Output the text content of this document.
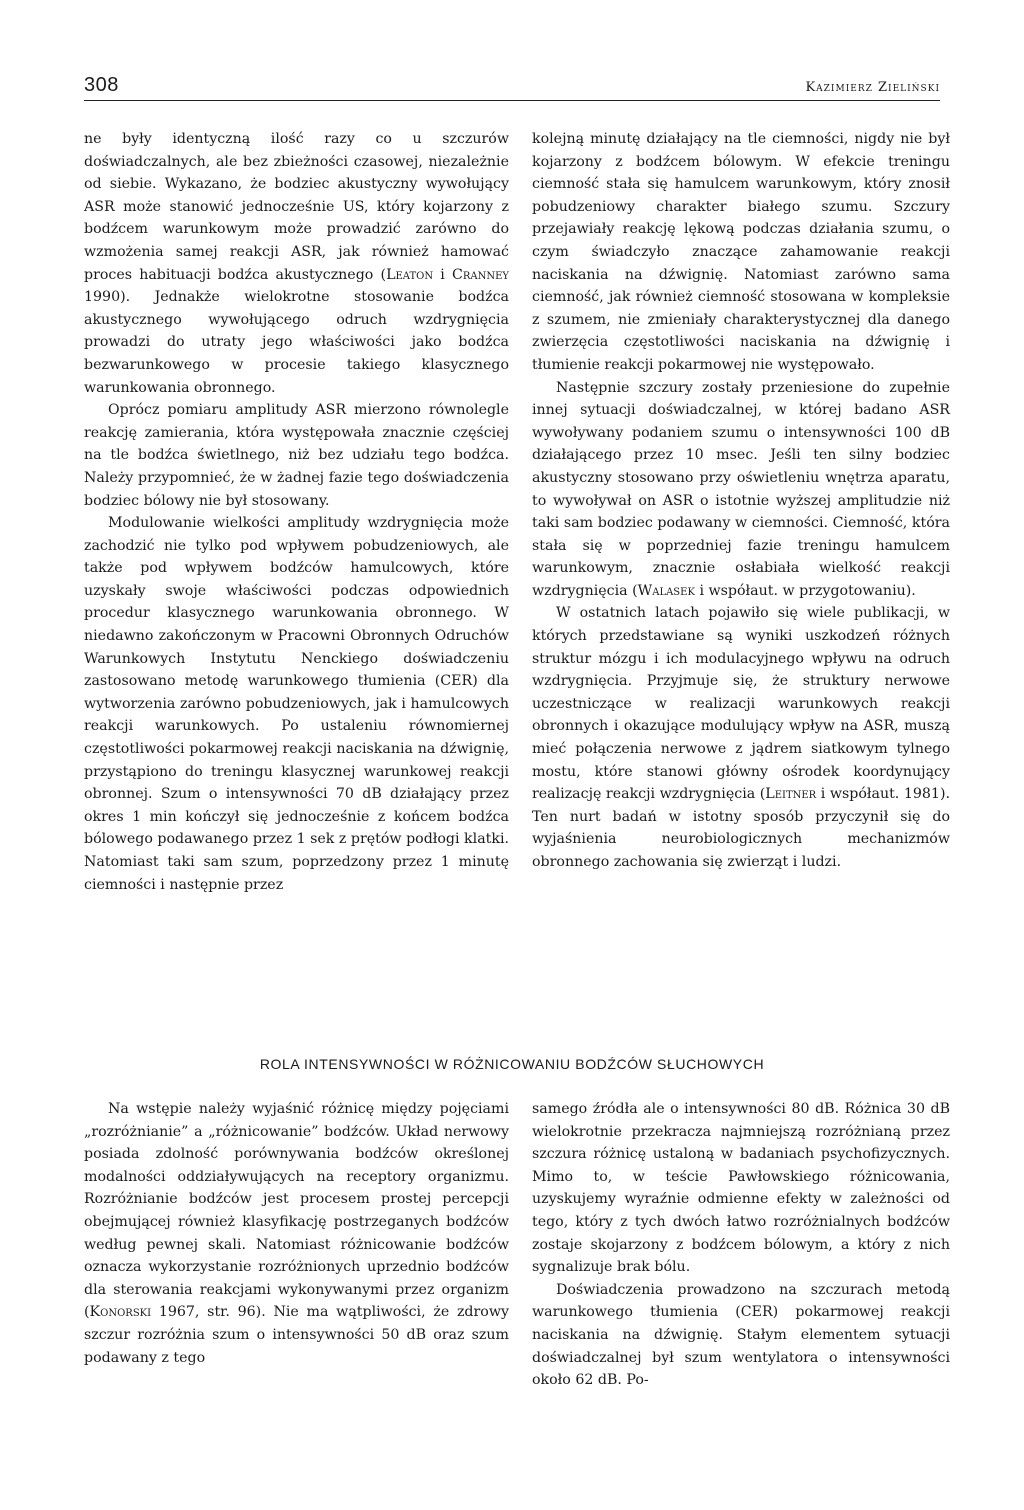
308	Kazimierz Zieliński

ne były identyczną ilość razy co u szczurów doświadczalnych, ale bez zbieżności czasowej, niezależnie od siebie. Wykazano, że bodziec akustyczny wywołujący ASR może stanowić jednocześnie US, który kojarzony z bodźcem warunkowym może prowadzić zarówno do wzmożenia samej reakcji ASR, jak również hamować proces habituacji bodźca akustycznego (Leaton i Cranney 1990). Jednakże wielokrotne stosowanie bodźca akustycznego wywołującego odruch wzdrygnięcia prowadzi do utraty jego właściwości jako bodźca bezwarunkowego w procesie takiego klasycznego warunkowania obronnego.

Oprócz pomiaru amplitudy ASR mierzono równolegle reakcję zamierania, która występowała znacznie częściej na tle bodźca świetlnego, niż bez udziału tego bodźca. Należy przypomnieć, że w żadnej fazie tego doświadczenia bodziec bólowy nie był stosowany.

Modulowanie wielkości amplitudy wzdrygnięcia może zachodzić nie tylko pod wpływem pobudzeniowych, ale także pod wpływem bodźców hamulcowych, które uzyskały swoje właściwości podczas odpowiednich procedur klasycznego warunkowania obronnego. W niedawno zakończonym w Pracowni Obronnych Odruchów Warunkowych Instytutu Nenckiego doświadczeniu zastosowano metodę warunkowego tłumienia (CER) dla wytworzenia zarówno pobudzeniowych, jak i hamulcowych reakcji warunkowych. Po ustaleniu równomiernej częstotliwości pokarmowej reakcji naciskania na dźwignię, przystąpiono do treningu klasycznej warunkowej reakcji obronnej. Szum o intensywności 70 dB działający przez okres 1 min kończył się jednocześnie z końcem bodźca bólowego podawanego przez 1 sek z prętów podłogi klatki. Natomiast taki sam szum, poprzedzony przez 1 minutę ciemności i następnie przez

kolejną minutę działający na tle ciemności, nigdy nie był kojarzony z bodźcem bólowym. W efekcie treningu ciemność stała się hamulcem warunkowym, który znosił pobudzeniowy charakter białego szumu. Szczury przejawiały reakcję lękową podczas działania szumu, o czym świadczyło znaczące zahamowanie reakcji naciskania na dźwignię. Natomiast zarówno sama ciemność, jak również ciemność stosowana w kompleksie z szumem, nie zmieniały charakterystycznej dla danego zwierzęcia częstotliwości naciskania na dźwignię i tłumienie reakcji pokarmowej nie występowało.

Następnie szczury zostały przeniesione do zupełnie innej sytuacji doświadczalnej, w której badano ASR wywoływany podaniem szumu o intensywności 100 dB działającego przez 10 msec. Jeśli ten silny bodziec akustyczny stosowano przy oświetleniu wnętrza aparatu, to wywoływał on ASR o istotnie wyższej amplitudzie niż taki sam bodziec podawany w ciemności. Ciemność, która stała się w poprzedniej fazie treningu hamulcem warunkowym, znacznie osłabiała wielkość reakcji wzdrygnięcia (Walasek i współaut. w przygotowaniu).

W ostatnich latach pojawiło się wiele publikacji, w których przedstawiane są wyniki uszkodzeń różnych struktur mózgu i ich modulacyjnego wpływu na odruch wzdrygnięcia. Przyjmuje się, że struktury nerwowe uczestniczące w realizacji warunkowych reakcji obronnych i okazujące modulujący wpływ na ASR, muszą mieć połączenia nerwowe z jądrem siatkowym tylnego mostu, które stanowi główny ośrodek koordynujący realizację reakcji wzdrygnięcia (Leitner i współaut. 1981). Ten nurt badań w istotny sposób przyczynił się do wyjaśnienia neurobiologicznych mechanizmów obronnego zachowania się zwierząt i ludzi.

ROLA INTENSYWNOŚCI W RÓŻNICOWANIU BODŹCÓW SŁUCHOWYCH

Na wstępie należy wyjaśnić różnicę między pojęciami „rozróżnianie” a „różnicowanie” bodźców. Układ nerwowy posiada zdolność porównywania bodźców określonej modalności oddziaływujących na receptory organizmu. Rozróżnianie bodźców jest procesem prostej percepcji obejmującej również klasyfikację postrzeganych bodźców według pewnej skali. Natomiast różnicowanie bodźców oznacza wykorzystanie rozróżnionych uprzednio bodźców dla sterowania reakcjami wykonywanymi przez organizm (Konorski 1967, str. 96). Nie ma wątpliwości, że zdrowy szczur rozróżnia szum o intensywności 50 dB oraz szum podawany z tego

samego źródła ale o intensywności 80 dB. Różnica 30 dB wielokrotnie przekracza najmniejszą rozróżnianą przez szczura różnicę ustaloną w badaniach psychofizycznych. Mimo to, w teście Pawłowskiego różnicowania, uzyskujemy wyraźnie odmienne efekty w zależności od tego, który z tych dwóch łatwo rozróżnialnych bodźców zostaje skojarzony z bodźcem bólowym, a który z nich sygnalizuje brak bólu.

Doświadczenia prowadzono na szczurach metodą warunkowego tłumienia (CER) pokarmowej reakcji naciskania na dźwignię. Stałym elementem sytuacji doświadczalnej był szum wentylatora o intensywności około 62 dB. Po-
